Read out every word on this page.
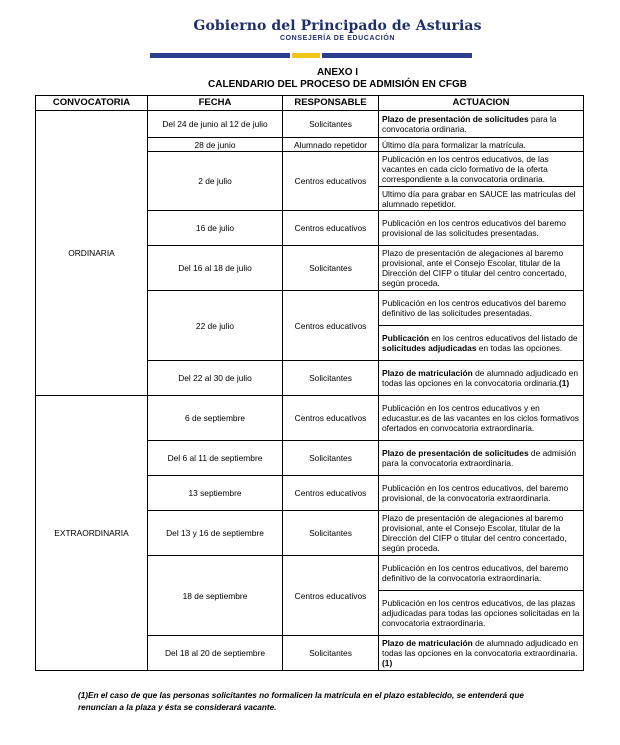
Gobierno del Principado de Asturias
CONSEJERÍA DE EDUCACIÓN
ANEXO I
CALENDARIO DEL PROCESO DE ADMISIÓN EN CFGB
CONVOCATORIA	FECHA	RESPONSABLE	ACTUACION
ORDINARIA	Del 24 de junio al 12 de julio	Solicitantes	Plazo de presentación de solicitudes para la convocatoria ordinaria.
	28 de junio	Alumnado repetidor	Último día para formalizar la matrícula.
	2 de julio	Centros educativos	Publicación en los centros educativos, de las vacantes en cada ciclo formativo de la oferta correspondiente a la convocatoria ordinaria.
			Ultimo día para grabar en SAUCE las matrículas del alumnado repetidor.
	16 de julio	Centros educativos	Publicación en los centros educativos del baremo provisional de las solicitudes presentadas.
	Del 16 al 18 de julio	Solicitantes	Plazo de presentación de alegaciones al baremo provisional, ante el Consejo Escolar, titular de la Dirección del CIFP o titular del centro concertado, según proceda.
	22 de julio	Centros educativos	Publicación en los centros educativos del baremo definitivo de las solicitudes presentadas.
			Publicación en los centros educativos del listado de solicitudes adjudicadas en todas las opciones.
	Del 22 al 30 de julio	Solicitantes	Plazo de matriculación de alumnado adjudicado en todas las opciones en la convocatoria ordinaria.(1)
EXTRAORDINARIA	6 de septiembre	Centros educativos	Publicación en los centros educativos y en educastur.es de las vacantes en los ciclos formativos ofertados en convocatoria extraordinaria.
	Del 6 al 11 de septiembre	Solicitantes	Plazo de presentación de solicitudes de admisión para la convocatoria extraordinaria.
	13 septiembre	Centros educativos	Publicación en los centros educativos, del baremo provisional, de la convocatoria extraordinaria.
	Del 13 y 16 de septiembre	Solicitantes	Plazo de presentación de alegaciones al baremo provisional, ante el Consejo Escolar, titular de la Dirección del CIFP o titular del centro concertado, según proceda.
	18 de septiembre	Centros educativos	Publicación en los centros educativos, del baremo definitivo de la convocatoria extraordinaria.
			Publicación en los centros educativos, de las plazas adjudicadas para todas las opciones solicitadas en la convocatoria extraordinaria.
	Del 18 al 20 de septiembre	Solicitantes	Plazo de matriculación de alumnado adjudicado en todas las opciones en la convocatoria extraordinaria. (1)
(1)En el caso de que las personas solicitantes no formalicen la matrícula en el plazo establecido, se entenderá que renuncian a la plaza y ésta se considerará vacante.
